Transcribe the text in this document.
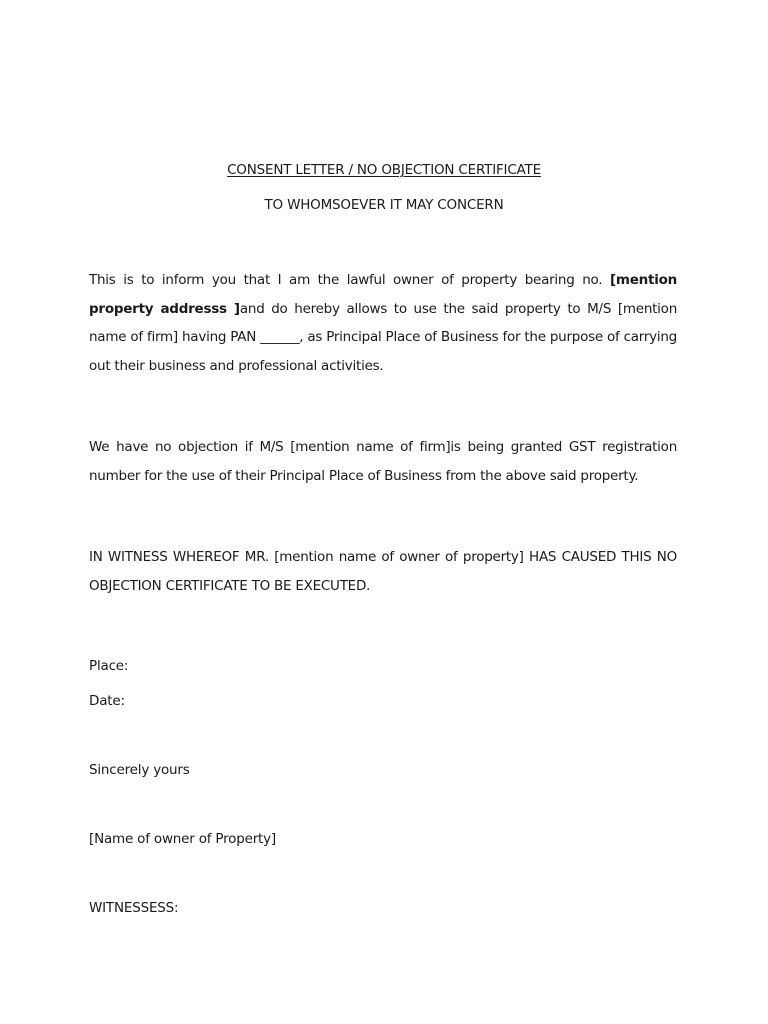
CONSENT LETTER / NO OBJECTION CERTIFICATE
TO WHOMSOEVER IT MAY CONCERN
This is to inform you that I am the lawful owner of property bearing no. [mention property addresss ]and do hereby allows to use the said property to M/S [mention name of firm] having PAN ______, as Principal Place of Business for the purpose of carrying out their business and professional activities.
We have no objection if M/S [mention name of firm]is being granted GST registration number for the use of their Principal Place of Business from the above said property.
IN WITNESS WHEREOF MR. [mention name of owner of property] HAS CAUSED THIS NO OBJECTION CERTIFICATE TO BE EXECUTED.
Place:
Date:
Sincerely yours
[Name of owner of Property]
WITNESSESS:
